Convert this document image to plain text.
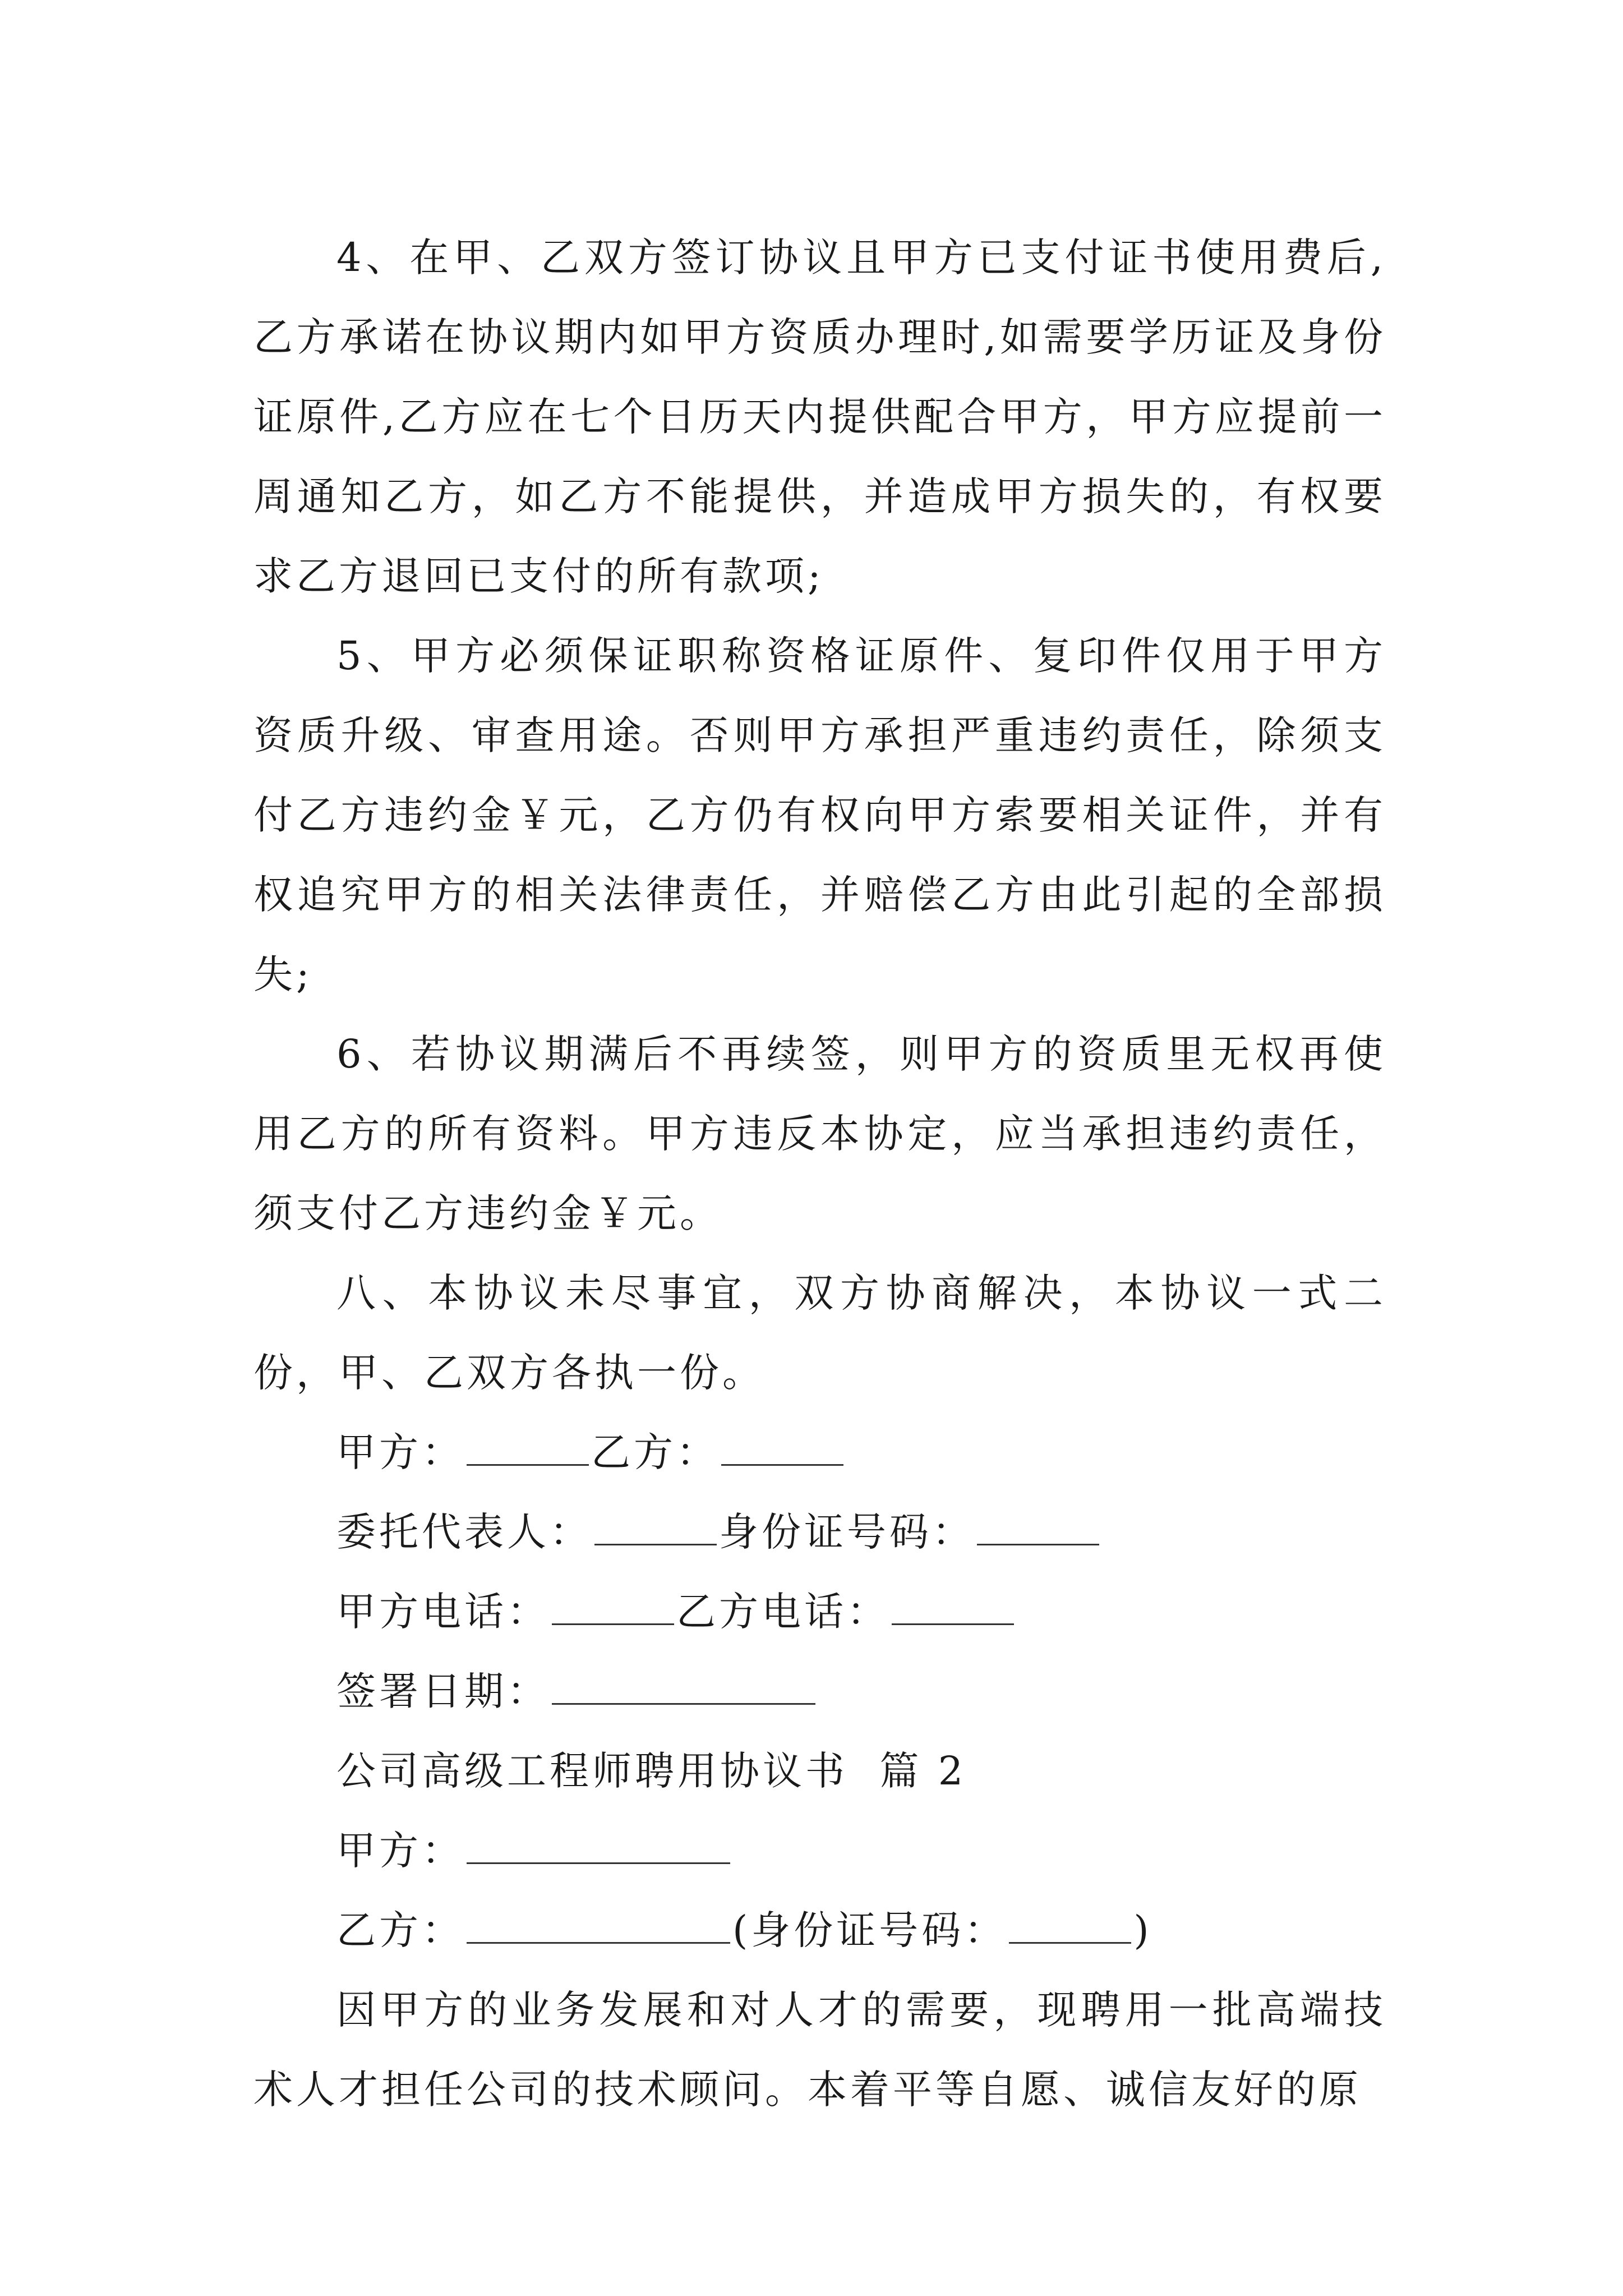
4、在甲、乙双方签订协议且甲方已支付证书使用费后,乙方承诺在协议期内如甲方资质办理时,如需要学历证及身份证原件,乙方应在七个日历天内提供配合甲方，甲方应提前一周通知乙方，如乙方不能提供，并造成甲方损失的，有权要求乙方退回已支付的所有款项;

5、甲方必须保证职称资格证原件、复印件仅用于甲方资质升级、审查用途。否则甲方承担严重违约责任，除须支付乙方违约金￥元，乙方仍有权向甲方索要相关证件，并有权追究甲方的相关法律责任，并赔偿乙方由此引起的全部损失;

6、若协议期满后不再续签，则甲方的资质里无权再使用乙方的所有资料。甲方违反本协定，应当承担违约责任，须支付乙方违约金￥元。

八、本协议未尽事宜，双方协商解决，本协议一式二份，甲、乙双方各执一份。

甲方：	乙方：
委托代表人：	身份证号码：
甲方电话：	乙方电话：
签署日期：
公司高级工程师聘用协议书  篇 2
甲方：
乙方：	(身份证号码：	)

因甲方的业务发展和对人才的需要，现聘用一批高端技术人才担任公司的技术顾问。本着平等自愿、诚信友好的原
